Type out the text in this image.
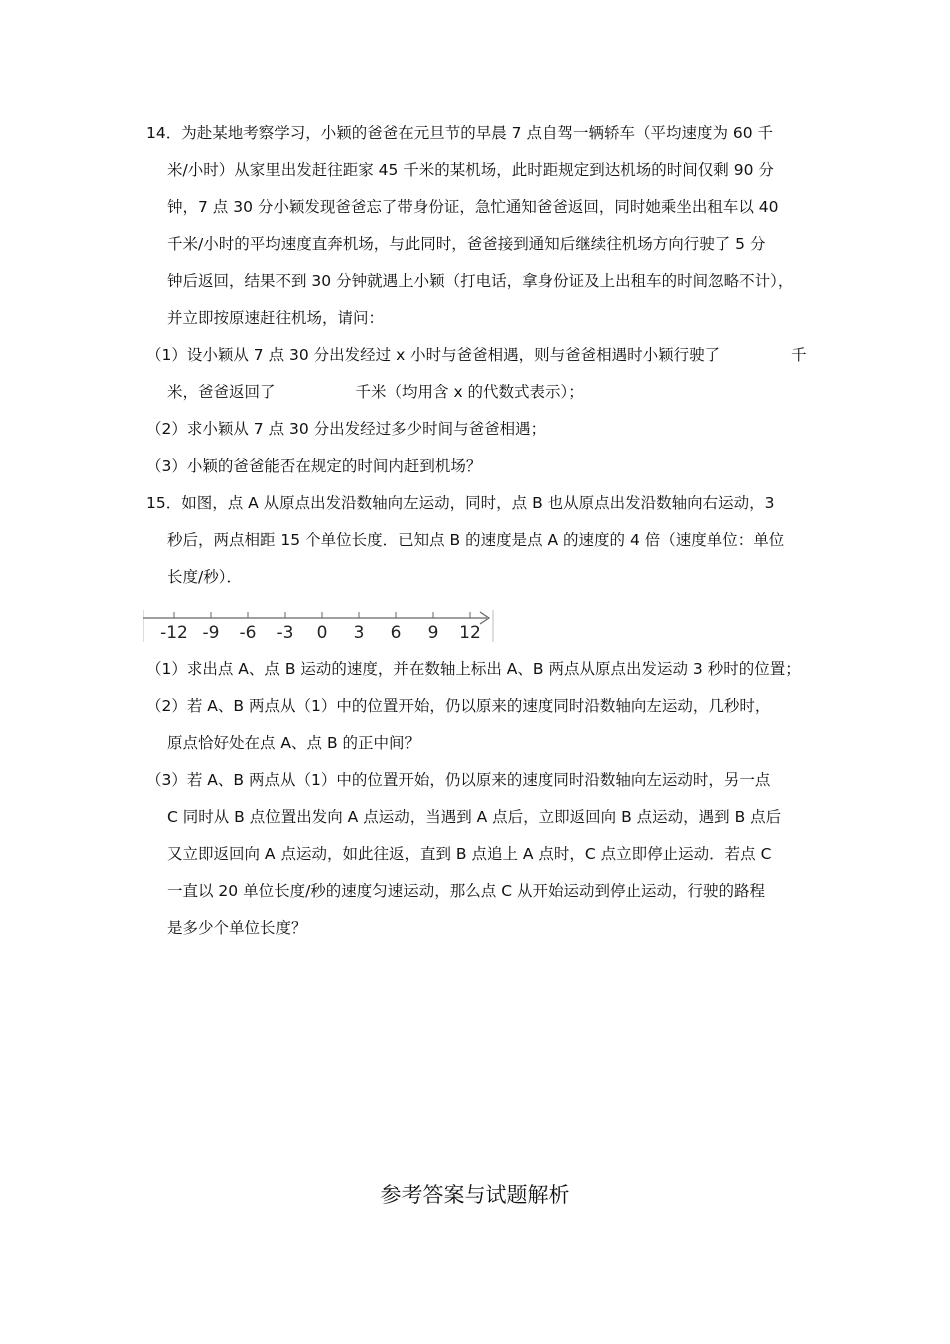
14．为赴某地考察学习，小颖的爸爸在元旦节的早晨 7 点自驾一辆轿车（平均速度为 60 千
米/小时）从家里出发赶往距家 45 千米的某机场，此时距规定到达机场的时间仅剩 90 分
钟，7 点 30 分小颖发现爸爸忘了带身份证，急忙通知爸爸返回，同时她乘坐出租车以 40
千米/小时的平均速度直奔机场，与此同时，爸爸接到通知后继续往机场方向行驶了 5 分
钟后返回，结果不到 30 分钟就遇上小颖（打电话，拿身份证及上出租车的时间忽略不计），
并立即按原速赶往机场，请问：
（1）设小颖从 7 点 30 分出发经过 x 小时与爸爸相遇，则与爸爸相遇时小颖行驶了	千
米，爸爸返回了	千米（均用含 x 的代数式表示）；
（2）求小颖从 7 点 30 分出发经过多少时间与爸爸相遇；
（3）小颖的爸爸能否在规定的时间内赶到机场？
15．如图，点 A 从原点出发沿数轴向左运动，同时，点 B 也从原点出发沿数轴向右运动，3
秒后，两点相距 15 个单位长度．已知点 B 的速度是点 A 的速度的 4 倍（速度单位：单位
长度/秒）．
-12 -9 -6 -3 0 3 6 9 12
（1）求出点 A、点 B 运动的速度，并在数轴上标出 A、B 两点从原点出发运动 3 秒时的位置；
（2）若 A、B 两点从（1）中的位置开始，仍以原来的速度同时沿数轴向左运动，几秒时，
原点恰好处在点 A、点 B 的正中间？
（3）若 A、B 两点从（1）中的位置开始，仍以原来的速度同时沿数轴向左运动时，另一点
C 同时从 B 点位置出发向 A 点运动，当遇到 A 点后，立即返回向 B 点运动，遇到 B 点后
又立即返回向 A 点运动，如此往返，直到 B 点追上 A 点时，C 点立即停止运动．若点 C
一直以 20 单位长度/秒的速度匀速运动，那么点 C 从开始运动到停止运动，行驶的路程
是多少个单位长度？
参考答案与试题解析
